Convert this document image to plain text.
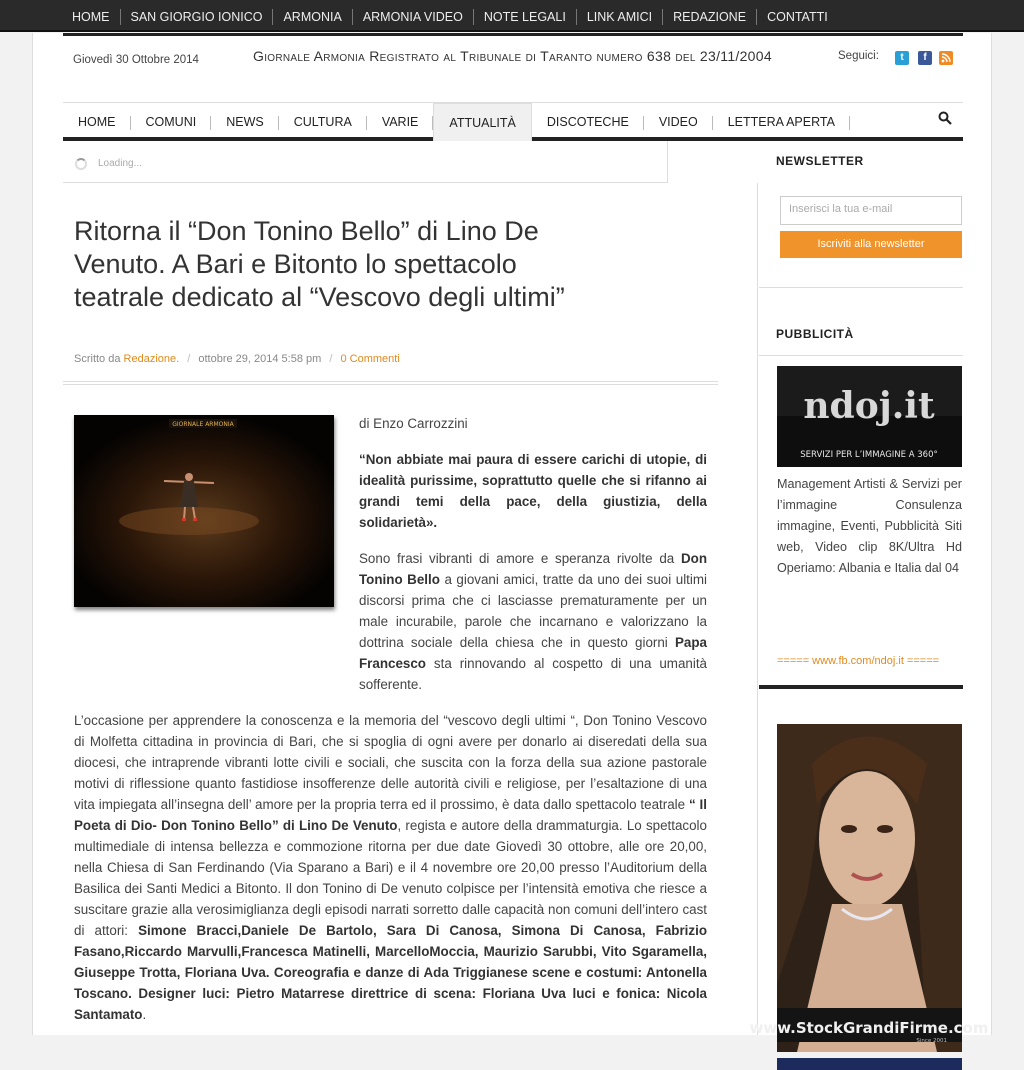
HOME	SAN GIORGIO IONICO	ARMONIA	ARMONIA VIDEO	NOTE LEGALI	LINK AMICI	REDAZIONE	CONTATTI
Giovedì 30 Ottobre 2014	Giornale Armonia Registrato al Tribunale di Taranto numero 638 del 23/11/2004	Seguici:	t	f
HOME	COMUNI	NEWS	CULTURA	VARIE	ATTUALITÀ	DISCOTECHE	VIDEO	LETTERA APERTA
Loading...
Ritorna il “Don Tonino Bello” di Lino De Venuto. A Bari e Bitonto lo spettacolo teatrale dedicato al “Vescovo degli ultimi”
Scritto da Redazione. / ottobre 29, 2014 5:58 pm / 0 Commenti
GIORNALE ARMONIA	di Enzo Carrozzini

“Non abbiate mai paura di essere carichi di utopie, di idealità purissime, soprattutto quelle che si rifanno ai grandi temi della pace, della giustizia, della solidarietà».

Sono frasi vibranti di amore e speranza rivolte da Don Tonino Bello a giovani amici, tratte da uno dei suoi ultimi discorsi prima che ci lasciasse prematuramente per un male incurabile, parole che incarnano e valorizzano la dottrina sociale della chiesa che in questo giorni Papa Francesco sta rinnovando al cospetto di una umanità sofferente.

L’occasione per apprendere la conoscenza e la memoria del “vescovo degli ultimi “, Don Tonino Vescovo di Molfetta cittadina in provincia di Bari, che si spoglia di ogni avere per donarlo ai diseredati della sua diocesi, che intraprende vibranti lotte civili e sociali, che suscita con la forza della sua azione pastorale motivi di riflessione quanto fastidiose insofferenze delle autorità civili e religiose, per l’esaltazione di una vita impiegata all’insegna dell’ amore per la propria terra ed il prossimo, è data dallo spettacolo teatrale “ Il Poeta di Dio- Don Tonino Bello” di Lino De Venuto, regista e autore della drammaturgia. Lo spettacolo multimediale di intensa bellezza e commozione ritorna per due date Giovedì 30 ottobre, alle ore 20,00, nella Chiesa di San Ferdinando (Via Sparano a Bari) e il 4 novembre ore 20,00 presso l’Auditorium della Basilica dei Santi Medici a Bitonto. Il don Tonino di De venuto colpisce per l’intensità emotiva che riesce a suscitare grazie alla verosimiglianza degli episodi narrati sorretto dalle capacità non comuni dell’intero cast di attori: Simone Bracci,Daniele De Bartolo, Sara Di Canosa, Simona Di Canosa, Fabrizio Fasano,Riccardo Marvulli,Francesca Matinelli, MarcelloMoccia, Maurizio Sarubbi, Vito Sgaramella, Giuseppe Trotta, Floriana Uva. Coreografia e danze di Ada Triggianese scene e costumi: Antonella Toscano. Designer luci: Pietro Matarrese direttrice di scena: Floriana Uva luci e fonica: Nicola Santamato.

NEWSLETTER
Inserisci la tua e-mail
Iscriviti alla newsletter
PUBBLICITÀ
ndoj.it
SERVIZI PER L’IMMAGINE A 360°
Management Artisti & Servizi per l’immagine Consulenza immagine, Eventi, Pubblicità Siti web, Video clip 8K/Ultra Hd Operiamo: Albania e Italia dal 04
===== www.fb.com/ndoj.it =====
www.StockGrandiFirme.com
Since 2001
